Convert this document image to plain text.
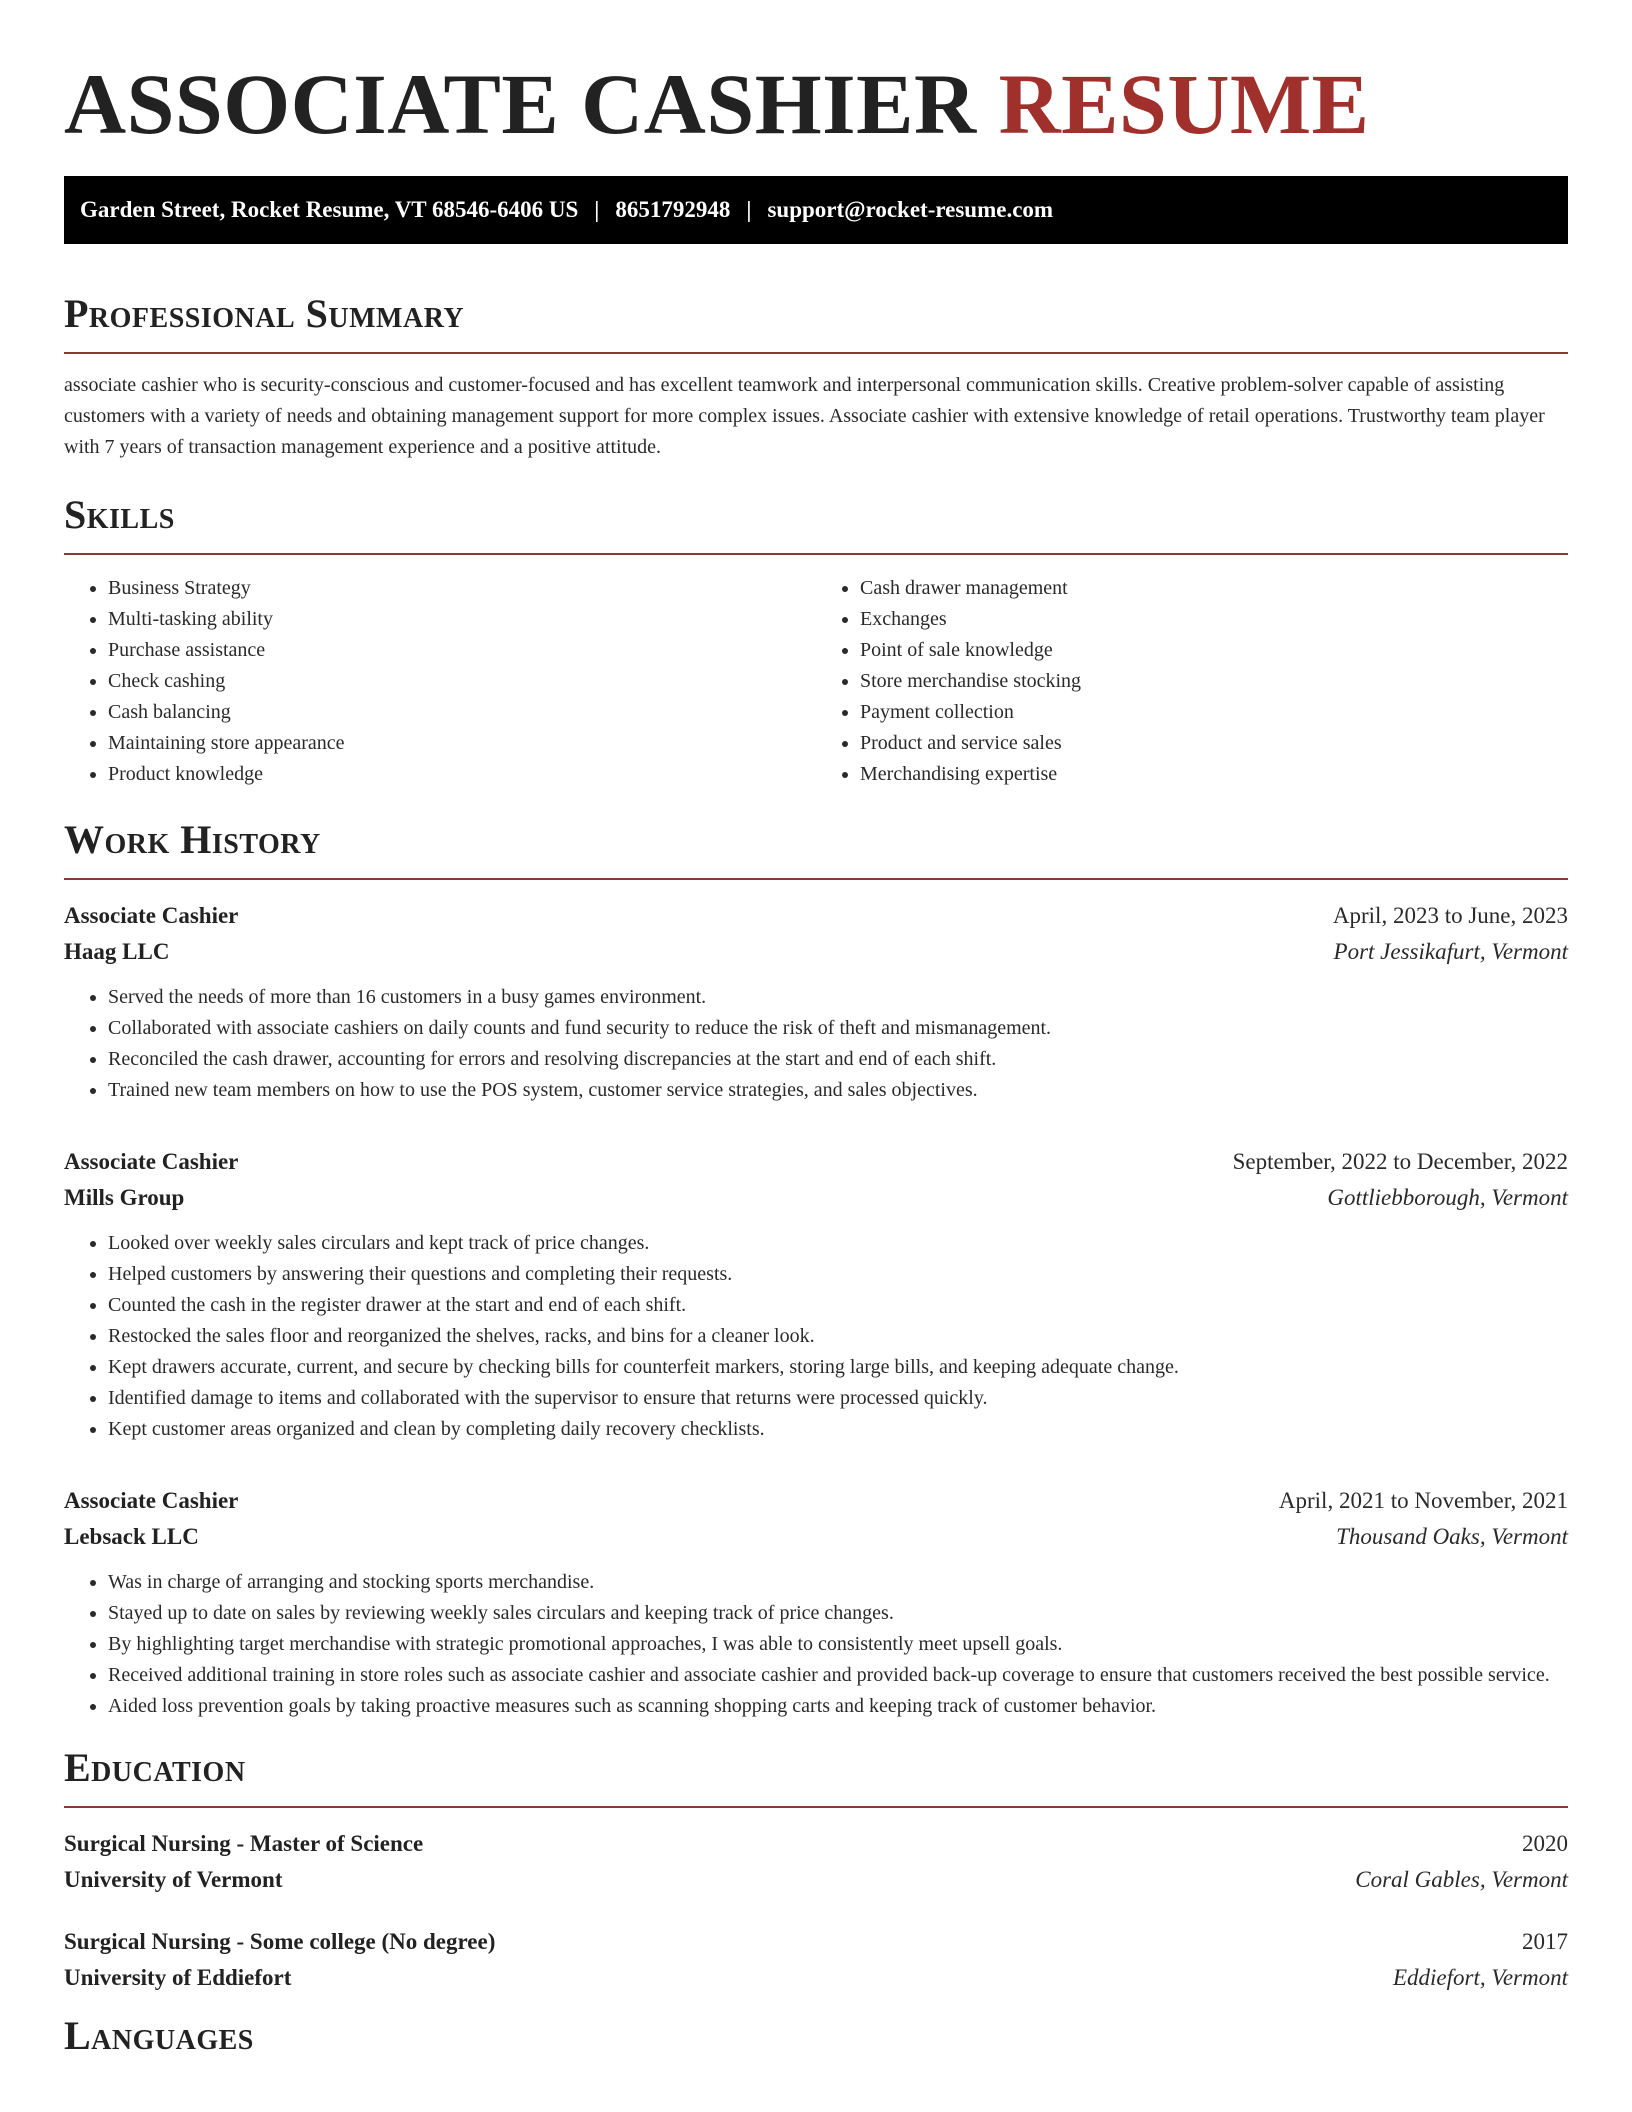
ASSOCIATE CASHIER RESUME
Garden Street, Rocket Resume, VT 68546-6406 US | 8651792948 | support@rocket-resume.com
Professional Summary

associate cashier who is security-conscious and customer-focused and has excellent teamwork and interpersonal communication skills. Creative problem-solver capable of assisting customers with a variety of needs and obtaining management support for more complex issues. Associate cashier with extensive knowledge of retail operations. Trustworthy team player with 7 years of transaction management experience and a positive attitude.

Skills
• Business Strategy
• Multi-tasking ability
• Purchase assistance
• Check cashing
• Cash balancing
• Maintaining store appearance
• Product knowledge
• Cash drawer management
• Exchanges
• Point of sale knowledge
• Store merchandise stocking
• Payment collection
• Product and service sales
• Merchandising expertise
Work History
Associate Cashier	April, 2023 to June, 2023
Haag LLC	Port Jessikafurt, Vermont
• Served the needs of more than 16 customers in a busy games environment.
• Collaborated with associate cashiers on daily counts and fund security to reduce the risk of theft and mismanagement.
• Reconciled the cash drawer, accounting for errors and resolving discrepancies at the start and end of each shift.
• Trained new team members on how to use the POS system, customer service strategies, and sales objectives.
Associate Cashier	September, 2022 to December, 2022
Mills Group	Gottliebborough, Vermont
• Looked over weekly sales circulars and kept track of price changes.
• Helped customers by answering their questions and completing their requests.
• Counted the cash in the register drawer at the start and end of each shift.
• Restocked the sales floor and reorganized the shelves, racks, and bins for a cleaner look.
• Kept drawers accurate, current, and secure by checking bills for counterfeit markers, storing large bills, and keeping adequate change.
• Identified damage to items and collaborated with the supervisor to ensure that returns were processed quickly.
• Kept customer areas organized and clean by completing daily recovery checklists.
Associate Cashier	April, 2021 to November, 2021
Lebsack LLC	Thousand Oaks, Vermont
• Was in charge of arranging and stocking sports merchandise.
• Stayed up to date on sales by reviewing weekly sales circulars and keeping track of price changes.
• By highlighting target merchandise with strategic promotional approaches, I was able to consistently meet upsell goals.
• Received additional training in store roles such as associate cashier and associate cashier and provided back-up coverage to ensure that customers received the best possible service.
• Aided loss prevention goals by taking proactive measures such as scanning shopping carts and keeping track of customer behavior.
Education
Surgical Nursing - Master of Science	2020
University of Vermont	Coral Gables, Vermont
Surgical Nursing - Some college (No degree)	2017
University of Eddiefort	Eddiefort, Vermont
Languages
